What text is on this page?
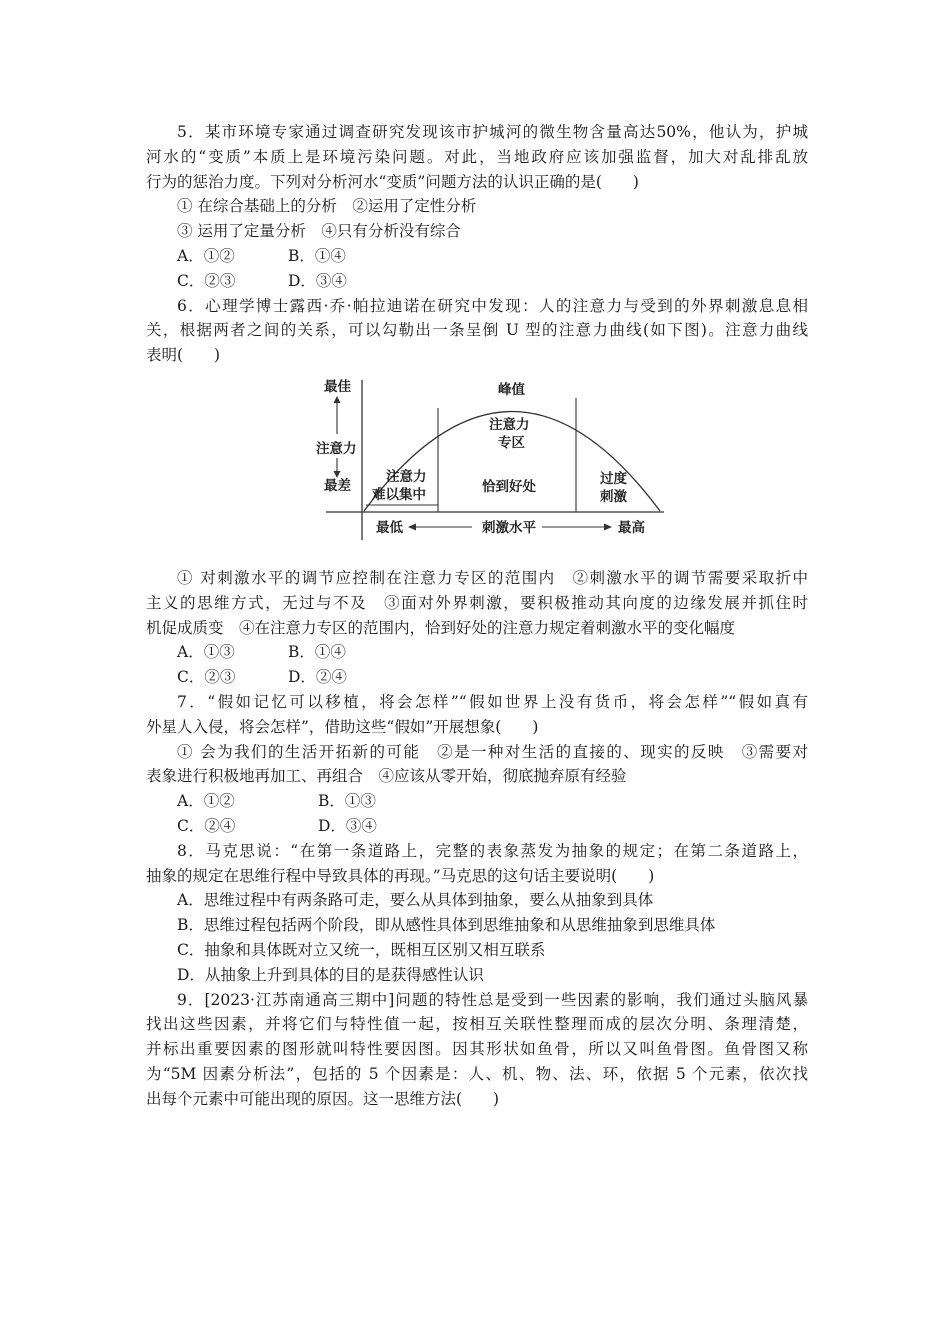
5．某市环境专家通过调查研究发现该市护城河的微生物含量高达50%，他认为，护城
河水的“变质”本质上是环境污染问题。对此，当地政府应该加强监督，加大对乱排乱放
行为的惩治力度。下列对分析河水“变质”问题方法的认识正确的是(　　)
① 在综合基础上的分析　②运用了定性分析
③ 运用了定量分析　④只有分析没有综合
A．①②	B．①④
C．②③	D．③④
6．心理学博士露西·乔·帕拉迪诺在研究中发现：人的注意力与受到的外界刺激息息相
关，根据两者之间的关系，可以勾勒出一条呈倒 U 型的注意力曲线(如下图)。注意力曲线
表明(　　)
最佳
注意力
最差
峰值
注意力
难以集中
注意力
专区
恰到好处	过度
刺激
最低	刺激水平	最高
① 对刺激水平的调节应控制在注意力专区的范围内　②刺激水平的调节需要采取折中
主义的思维方式，无过与不及　③面对外界刺激，要积极推动其向度的边缘发展并抓住时
机促成质变　④在注意力专区的范围内，恰到好处的注意力规定着刺激水平的变化幅度
A．①③	B．①④
C．②③	D．②④
7．“假如记忆可以移植，将会怎样”“假如世界上没有货币，将会怎样”“假如真有
外星人入侵，将会怎样”，借助这些“假如”开展想象(　　)
① 会为我们的生活开拓新的可能　②是一种对生活的直接的、现实的反映　③需要对
表象进行积极地再加工、再组合　④应该从零开始，彻底抛弃原有经验
A．①②	B．①③
C．②④	D．③④
8．马克思说：“在第一条道路上，完整的表象蒸发为抽象的规定；在第二条道路上，
抽象的规定在思维行程中导致具体的再现。”马克思的这句话主要说明(　　)
A．思维过程中有两条路可走，要么从具体到抽象，要么从抽象到具体
B．思维过程包括两个阶段，即从感性具体到思维抽象和从思维抽象到思维具体
C．抽象和具体既对立又统一，既相互区别又相互联系
D．从抽象上升到具体的目的是获得感性认识
9．[2023·江苏南通高三期中]问题的特性总是受到一些因素的影响，我们通过头脑风暴
找出这些因素，并将它们与特性值一起，按相互关联性整理而成的层次分明、条理清楚，
并标出重要因素的图形就叫特性要因图。因其形状如鱼骨，所以又叫鱼骨图。鱼骨图又称
为“5M 因素分析法”，包括的 5 个因素是：人、机、物、法、环，依据 5 个元素，依次找
出每个元素中可能出现的原因。这一思维方法(　　)
